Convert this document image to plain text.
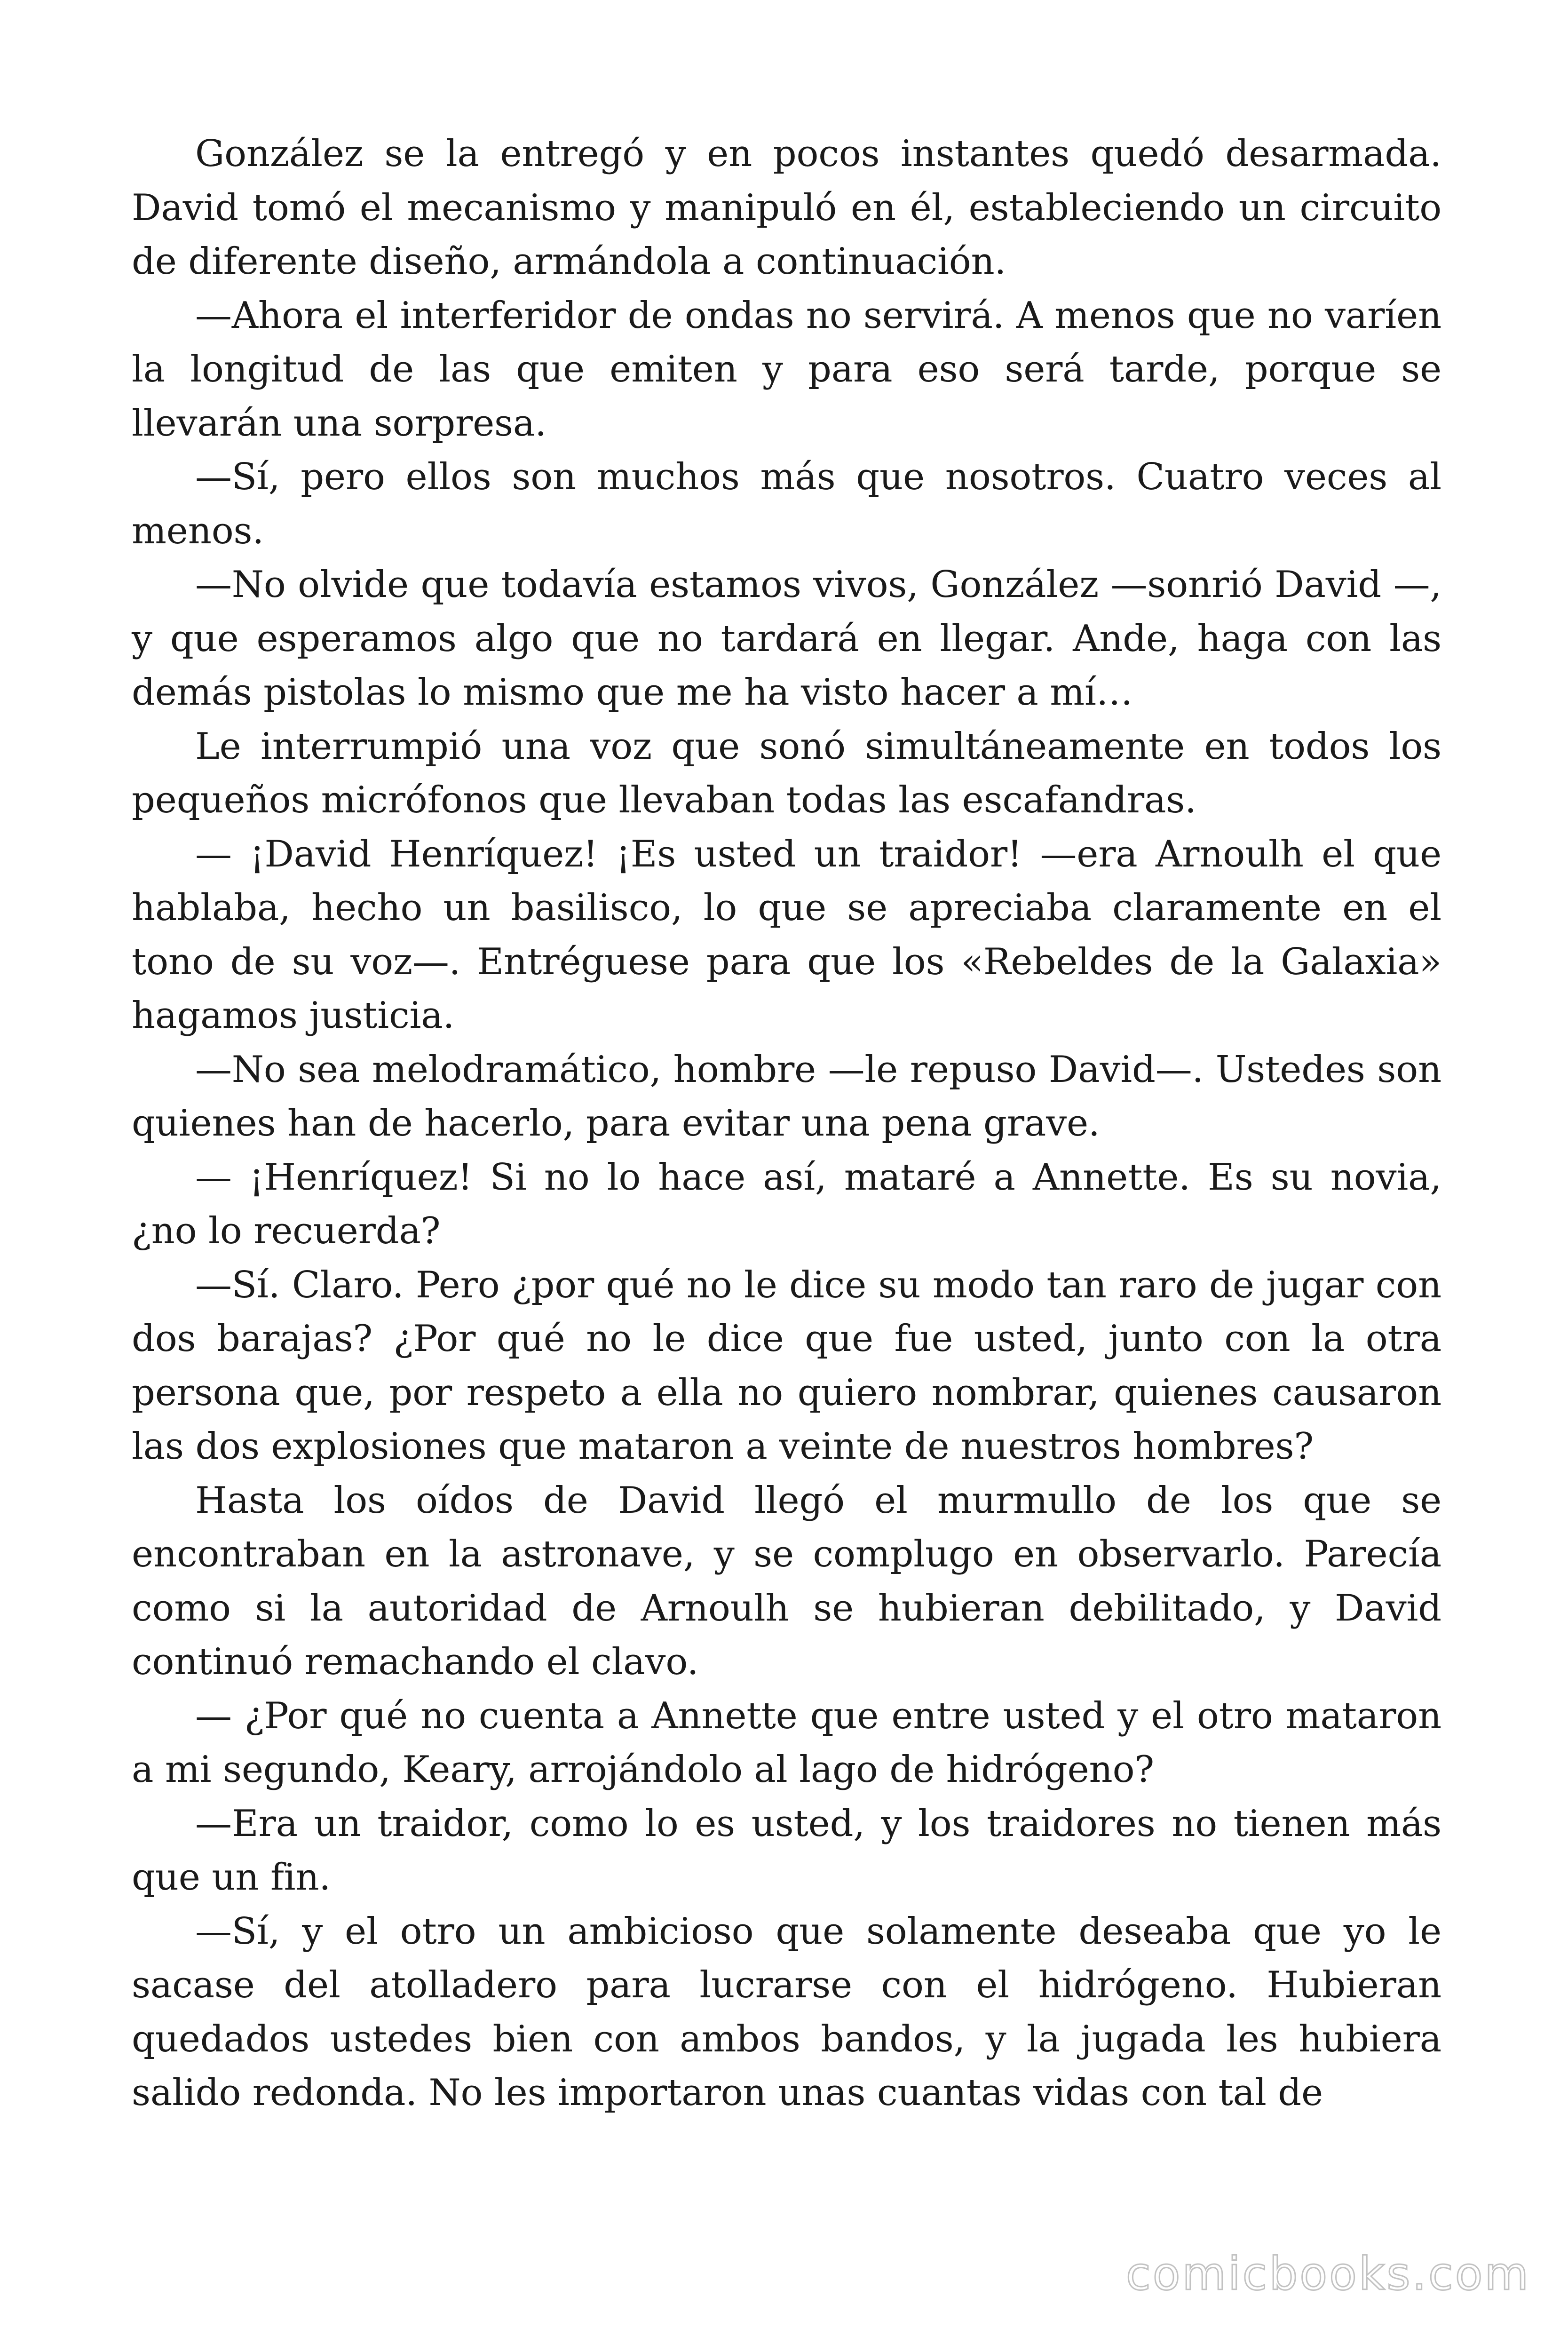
González se la entregó y en pocos instantes quedó desarmada. David tomó el mecanismo y manipuló en él, estableciendo un circuito de diferente diseño, armándola a continuación.

—Ahora el interferidor de ondas no servirá. A menos que no varíen la longitud de las que emiten y para eso será tarde, porque se llevarán una sorpresa.

—Sí, pero ellos son muchos más que nosotros. Cuatro veces al menos.

—No olvide que todavía estamos vivos, González —sonrió David —, y que esperamos algo que no tardará en llegar. Ande, haga con las demás pistolas lo mismo que me ha visto hacer a mí…

Le interrumpió una voz que sonó simultáneamente en todos los pequeños micrófonos que llevaban todas las escafandras.

— ¡David Henríquez! ¡Es usted un traidor! —era Arnoulh el que hablaba, hecho un basilisco, lo que se apreciaba claramente en el tono de su voz—. Entréguese para que los «Rebeldes de la Galaxia» hagamos justicia.

—No sea melodramático, hombre —le repuso David—. Ustedes son quienes han de hacerlo, para evitar una pena grave.

— ¡Henríquez! Si no lo hace así, mataré a Annette. Es su novia, ¿no lo recuerda?

—Sí. Claro. Pero ¿por qué no le dice su modo tan raro de jugar con dos barajas? ¿Por qué no le dice que fue usted, junto con la otra persona que, por respeto a ella no quiero nombrar, quienes causaron las dos explosiones que mataron a veinte de nuestros hombres?

Hasta los oídos de David llegó el murmullo de los que se encontraban en la astronave, y se complugo en observarlo. Parecía como si la autoridad de Arnoulh se hubieran debilitado, y David continuó remachando el clavo.

— ¿Por qué no cuenta a Annette que entre usted y el otro mataron a mi segundo, Keary, arrojándolo al lago de hidrógeno?

—Era un traidor, como lo es usted, y los traidores no tienen más que un fin.

—Sí, y el otro un ambicioso que solamente deseaba que yo le sacase del atolladero para lucrarse con el hidrógeno. Hubieran quedados ustedes bien con ambos bandos, y la jugada les hubiera salido redonda. No les importaron unas cuantas vidas con tal de

comicbooks.com
